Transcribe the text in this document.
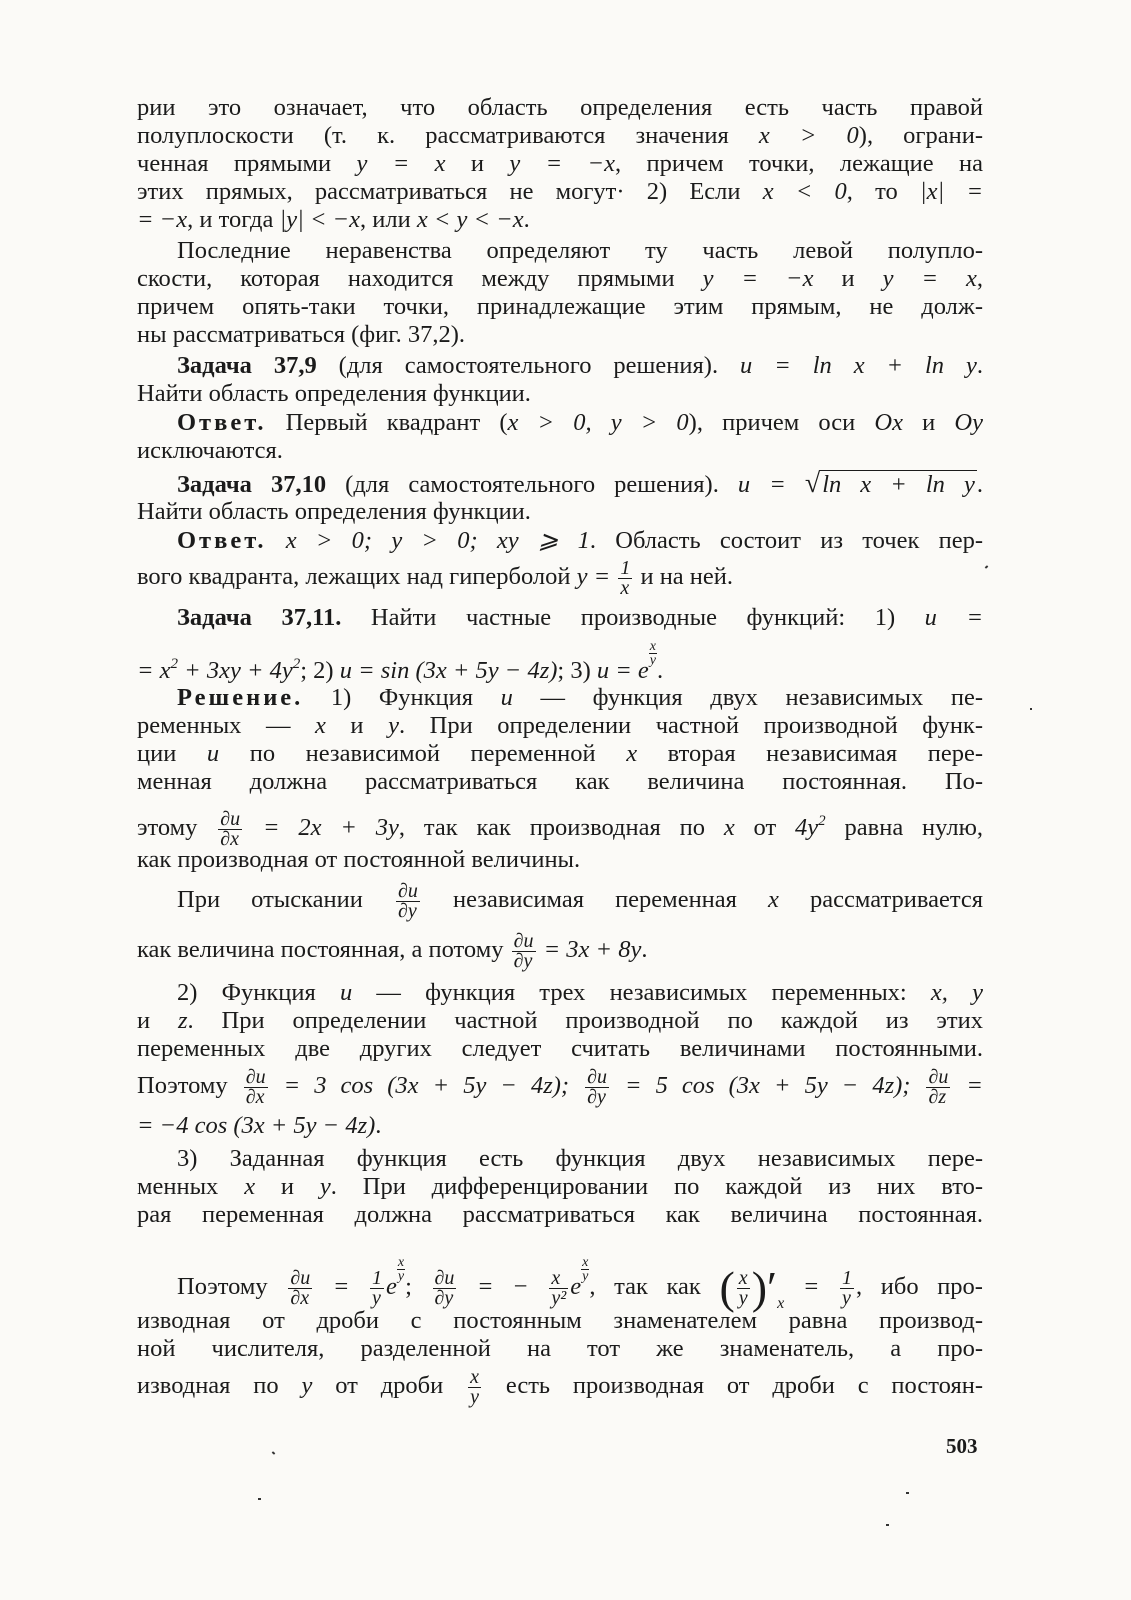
рии это означает, что область определения есть часть правой
полуплоскости (т. к. рассматриваются значения x > 0), ограни-
ченная прямыми y = x и y = −x, причем точки, лежащие на
этих прямых, рассматриваться не могут· 2) Если x < 0, то |x| =
= −x, и тогда |y| < −x, или x < y < −x.
Последние неравенства определяют ту часть левой полупло-
скости, которая находится между прямыми y = −x и y = x,
причем опять-таки точки, принадлежащие этим прямым, не долж-
ны рассматриваться (фиг. 37,2).
Задача 37,9 (для самостоятельного решения). u = ln x + ln y.
Найти область определения функции.
Ответ. Первый квадрант (x > 0, y > 0), причем оси Ox и Oy
исключаются.
Задача 37,10 (для самостоятельного решения). u = √ln x + ln y.
Найти область определения функции.
Ответ. x > 0; y > 0; xy ⩾ 1. Область состоит из точек пер-
вого квадранта, лежащих над гиперболой $y = \frac{1}{x}$ и на ней.
Задача 37,11. Найти частные производные функций: 1) u =
= $x^2 + 3xy + 4y^2$; 2) u = sin (3x + 5y − 4z); 3) u = e
$\frac{x}{y}$
.
Решение. 1) Функция u — функция двух независимых пе-
ременных — x и y. При определении частной производной функ-
ции u по независимой переменной x вторая независимая пере-
менная должна рассматриваться как величина постоянная. По-
этому $\frac{\partial u}{\partial x} = 2x + 3y$, так как производная по x от $4y^2$ равна нулю,
как производная от постоянной величины.
При отыскании $\frac{\partial u}{\partial y}$ независимая переменная x рассматривается
как величина постоянная, а потому $\frac{\partial u}{\partial y} = 3x + 8y$.
2) Функция u — функция трех независимых переменных: x, y
и z. При определении частной производной по каждой из этих
переменных две других следует считать величинами постоянными.
Поэтому $\frac{\partial u}{\partial x} = 3$ cos (3x + 5y − 4z); $\frac{\partial u}{\partial y} = 5$ cos (3x + 5y − 4z); $\frac{\partial u}{\partial z}$ =
= −4 cos (3x + 5y − 4z).
3) Заданная функция есть функция двух независимых пере-
менных x и y. При дифференцировании по каждой из них вто-
рая переменная должна рассматриваться как величина постоянная.
Поэтому $\frac{\partial u}{\partial x} = \frac{1}{y}$ e
$\frac{x}{y}$
; $\frac{\partial u}{\partial y}$ = − $\frac{x}{\text{y²}}$ e
$\frac{x}{y}$
, так как ( $\frac{x}{y} )'_x = \frac{1}{y}$ , ибо про-
изводная от дроби с постоянным знаменателем равна производ-
ной числителя, разделенной на тот же знаменатель, а про-
изводная по y от дроби $\frac{x}{y}$ есть производная от дроби с постоян-
503
